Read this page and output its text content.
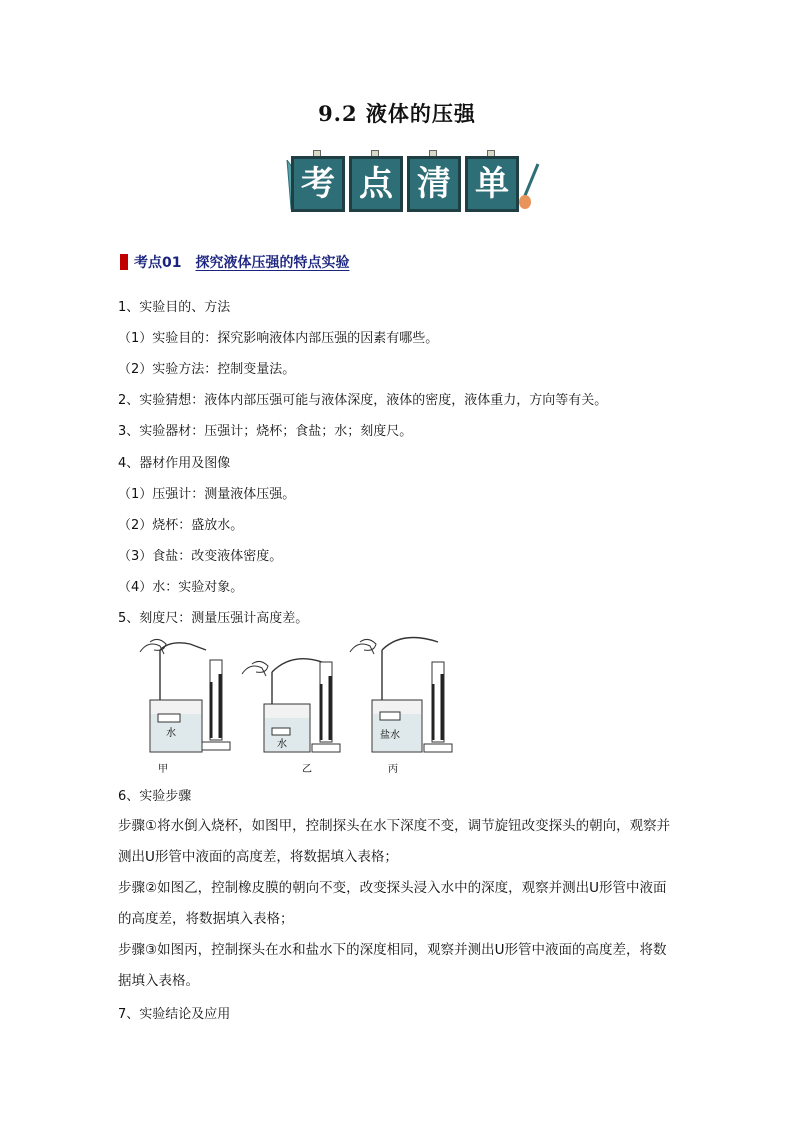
9.2 液体的压强
考 点 清 单
考点01 探究液体压强的特点实验
1、实验目的、方法
（1）实验目的：探究影响液体内部压强的因素有哪些。
（2）实验方法：控制变量法。
2、实验猜想：液体内部压强可能与液体深度，液体的密度，液体重力，方向等有关。
3、实验器材：压强计；烧杯；食盐；水；刻度尺。
4、器材作用及图像
（1）压强计：测量液体压强。
（2）烧杯：盛放水。
（3）食盐：改变液体密度。
（4）水：实验对象。
5、刻度尺：测量压强计高度差。
水
甲
水
乙
盐水
丙
6、实验步骤
步骤①将水倒入烧杯，如图甲，控制探头在水下深度不变，调节旋钮改变探头的朝向，观察并测出U形管中液面的高度差，将数据填入表格；
步骤②如图乙，控制橡皮膜的朝向不变，改变探头浸入水中的深度，观察并测出U形管中液面的高度差，将数据填入表格；
步骤③如图丙，控制探头在水和盐水下的深度相同，观察并测出U形管中液面的高度差，将数据填入表格。
7、实验结论及应用
